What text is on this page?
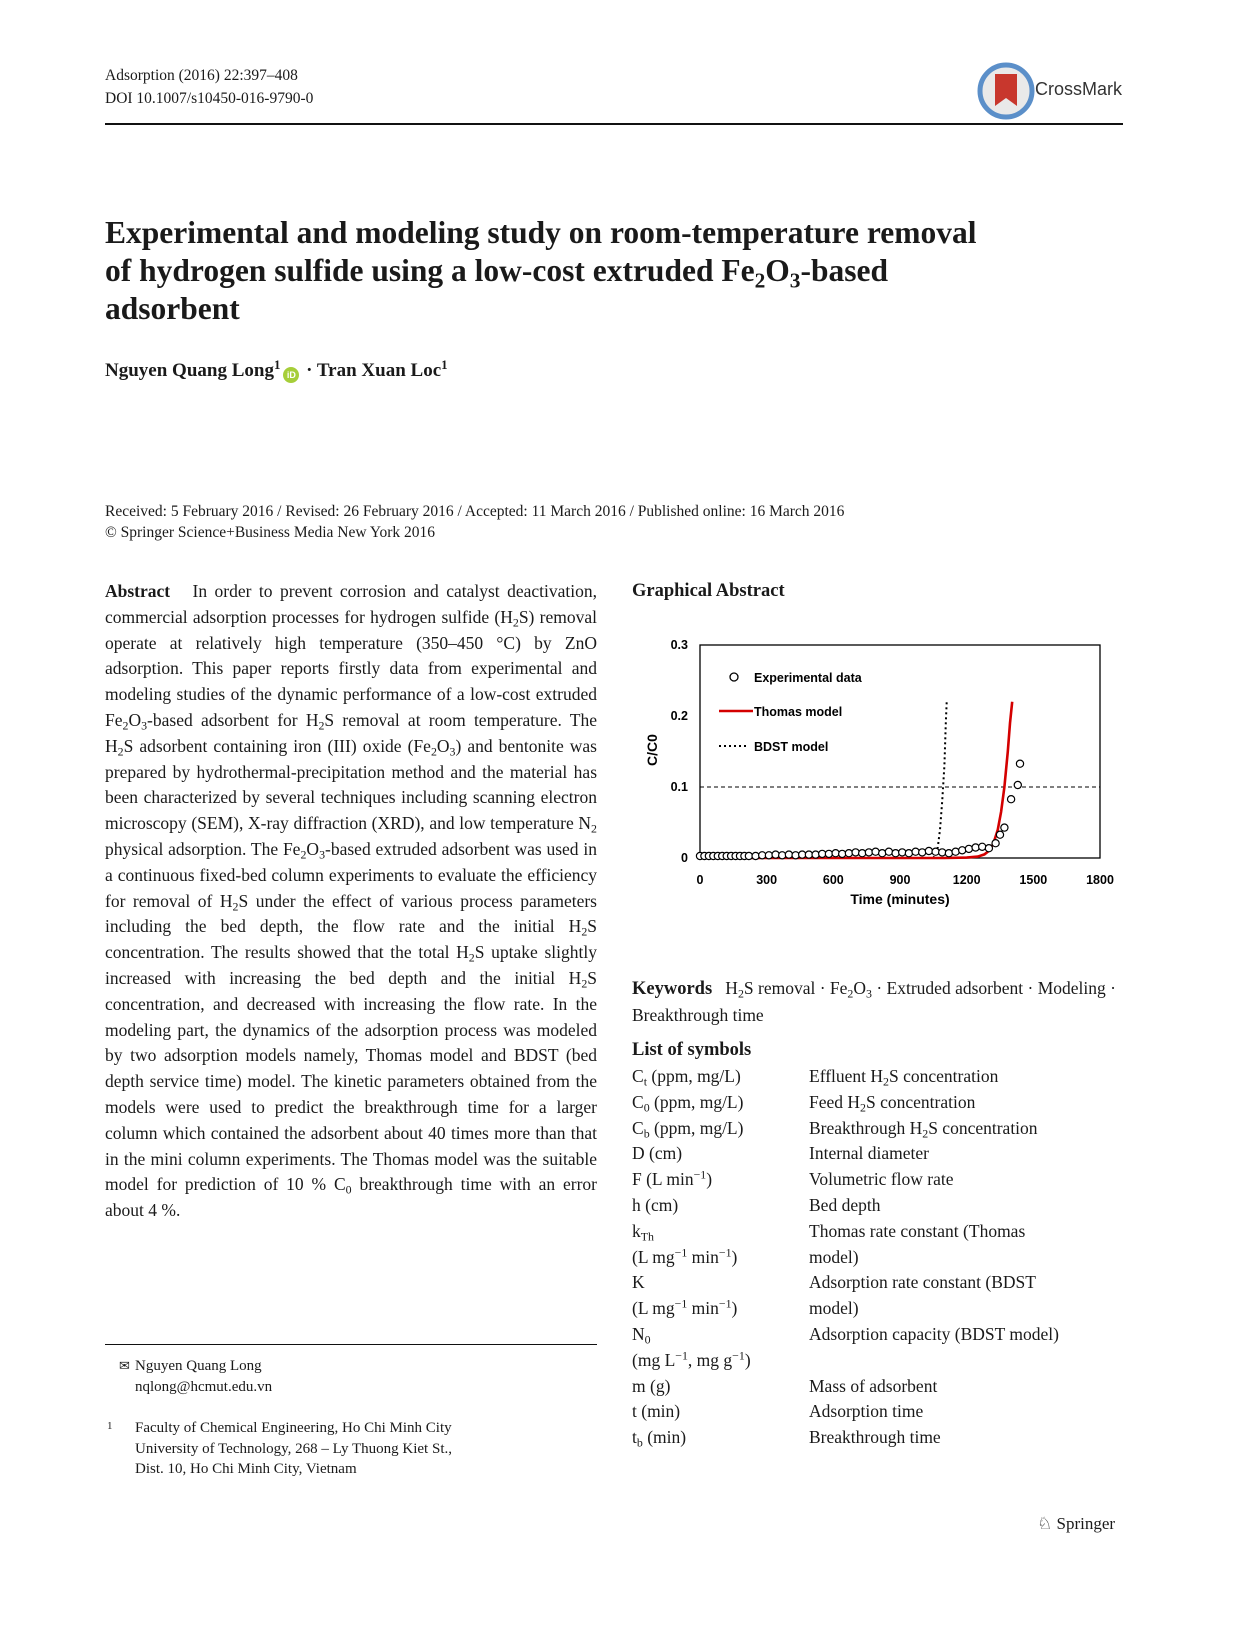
Adsorption (2016) 22:397–408
DOI 10.1007/s10450-016-9790-0	CrossMark
Experimental and modeling study on room-temperature removal
of hydrogen sulfide using a low-cost extruded $Fe_2O_3$-based
adsorbent
Nguyen Quang Long$^1$iD · Tran Xuan Loc$^1$
Received: 5 February 2016 / Revised: 26 February 2016 / Accepted: 11 March 2016 / Published online: 16 March 2016
© Springer Science+Business Media New York 2016
Abstract In order to prevent corrosion and catalyst deactivation, commercial adsorption processes for hydrogen sulfide $(H_2S)$ removal operate at relatively high temperature (350–450 °C) by ZnO adsorption. This paper reports firstly data from experimental and modeling studies of the dynamic performance of a low-cost extruded $Fe_2O_3$-based adsorbent for $H_2S$ removal at room temperature. The $H_2S$ adsorbent containing iron (III) oxide $(Fe_2O_3)$ and bentonite was prepared by hydrothermal-precipitation method and the material has been characterized by several techniques including scanning electron microscopy (SEM), X-ray diffraction (XRD), and low temperature $N_2$ physical adsorption. The $Fe_2O_3$-based extruded adsorbent was used in a continuous fixed-bed column experiments to evaluate the efficiency for removal of $H_2S$ under the effect of various process parameters including the bed depth, the flow rate and the initial $H_2S$ concentration. The results showed that the total $H_2S$ uptake slightly increased with increasing the bed depth and the initial $H_2S$ concentration, and decreased with increasing the flow rate. In the modeling part, the dynamics of the adsorption process was modeled by two adsorption models namely, Thomas model and BDST (bed depth service time) model. The kinetic parameters obtained from the models were used to predict the breakthrough time for a larger column which contained the adsorbent about 40 times more than that in the mini column experiments. The Thomas model was the suitable model for prediction of 10 % $C_0$ breakthrough time with an error about 4 %.
✉ Nguyen Quang Long
nqlong@hcmut.edu.vn
1 Faculty of Chemical Engineering, Ho Chi Minh City
University of Technology, 268 – Ly Thuong Kiet St.,
Dist. 10, Ho Chi Minh City, Vietnam
Graphical Abstract
0
0.1
0.2
0.3
0	300	600	900	1200	1500	1800
C/C0
Time (minutes)
Experimental data
Thomas model
BDST model
Keywords $H_2S$ removal · $Fe_2O_3$ · Extruded adsorbent · Modeling · Breakthrough time
List of symbols
$C_t$ (ppm, mg/L)	Effluent $H_2S$ concentration
$C_0$ (ppm, mg/L)	Feed $H_2S$ concentration
$C_b$ (ppm, mg/L)	Breakthrough $H_2S$ concentration
D (cm)	Internal diameter
F (L $\min^{-1}$)	Volumetric flow rate
h (cm)	Bed depth
$k_{Th}$	Thomas rate constant (Thomas
(L $mg^{-1}$ $\min^{-1}$)	model)
K	Adsorption rate constant (BDST
(L $mg^{-1}$ $\min^{-1}$)	model)
$N_0$	Adsorption capacity (BDST model)
(mg $L^{-1}$, mg $g^{-1}$)
m (g)	Mass of adsorbent
t (min)	Adsorption time
$t_b$ (min)	Breakthrough time
♘ Springer
